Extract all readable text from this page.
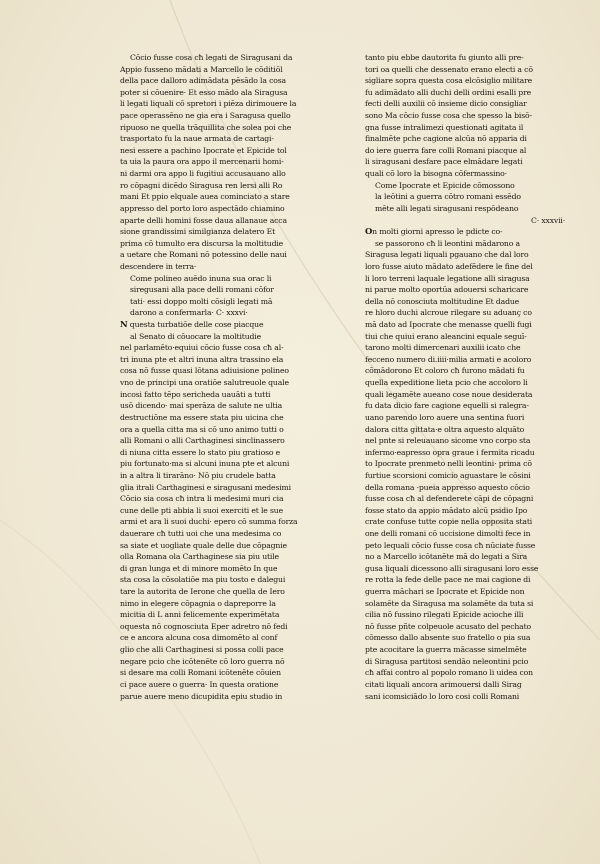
Cōcio fusse cosa cħ legati de Siragusani da
Appio fusseno mādati a Marcello le cōditiōl
della pace dalloro adimādata pēsādo la cosa
poter si cōuenire· Et esso mādo ala Siragusa
li legati liquali cō spretori i piēza dirimouere la
pace operassēno ne gia era i Saragusa quello
ripuoso ne quella trāquillita che solea poi che
trasportato fu la naue armata de cartagi-
nesi essere a pachino Ipocrate et Epicide tol
ta uia la paura ora appo il mercenarii homi-
ni darmi ora appo li fugitiui accusauano allo
ro cōpagni dicēdo Siragusa ren lersi alli Ro
mani Et ppio elquale auea cominciato a stare
appresso del porto loro aspectādo chiamino
aparte delli homini fosse daua allanaue acca
sione grandissimi similgianza delatero Et
prima cō tumulto era discursa la moltitudie
a uetare che Romani nō potessino delle naui
descendere in terra·
Come polineo auēdo inuna sua orac li
siregusani alla pace delli romani cōfor
tati· essi doppo molti cōsigli legati mā
darono a confermarla· C· xxxvi·
N questa turbatiōe delle cose piacque
al Senato di cōuocare la moltitudie
nel parlamēto·equiui cōcio fusse cosa cħ al-
tri inuna pte et altri inuna altra trassino ela
cosa nō fusse quasi lōtana adiuisione polineo
vno de principi una oratiōe salutreuole quale
incosi fatto tēpo sericheda uauāti a tutti
usō dicendo· mai sperāza de salute ne ultia
destructiōne ma essere stata piu uicina che
ora a quella citta ma si cō uno animo tutti o
alli Romani o alli Carthaginesi sinclinassero
di niuna citta essere lo stato piu gratioso e
piu fortunato·ma si alcuni inuna pte et alcuni
in a altra li tirarāno· Nō piu crudele batta
glia itrali Carthaginesi e siragusani medesimi
Cōcio sia cosa cħ intra li medesimi muri cia
cune delle pti abbia li suoi exerciti et le sue
armi et ara li suoi duchi· epero cō summa forza
dauerare cħ tutti uoi che una medesima co
sa siate et uogliate quale delle due cōpagnie
olla Romana ola Carthaginese sia piu utile
di gran lunga et di minore momēto In que
sta cosa la cōsolatiōe ma piu tosto e dalegui
tare la autorita de Ierone che quella de Iero
nimo in elegere cōpagnia o dapreporre la
micitia di L anni felicemente experimētata
oquesta nō cognosciuta Eper adretro nō fedi
ce e ancora alcuna cosa dimomēto al conf
glio che alli Carthaginesi si possa colli pace
negare pcio che icōtenēte cō loro guerra nō
si desare ma colli Romani icōtenēte cōuien
ci pace auere o guerra· In questa oratione
parue auere meno dicupidita epiu studio in
tanto piu ebbe dautorita fu giunto alli pre-
tori oa quelli che dessenato erano electi a cō
sigliare sopra questa cosa elcōsiglio militare
fu adimādato alli duchi delli ordini esalli pre
fecti delli auxilii cō insieme dicio consigliar
sono Ma cōcio fusse cosa che spesso la bisō-
gna fusse intralimezi questionati agitata il
finalmēte pche cagione alcūa nō apparia di
do iere guerra fare colli Romani piacque al
li siragusani desfare pace elmādare legati
quali cō loro la bisogna cōfermassino·
Come Ipocrate et Epicide cōmossono
la leōtini a guerra cōtro romani essēdo
mēte alli legati siragusani respōdeano
C· xxxvii·
On molti giorni apresso le pdicte co-
se passorono cħ li leontini mādarono a
Siragusa legati liquali pgauano che dal loro
loro fusse aiuto mādato adefēdere le fine del
li loro terreni laquale legatione alli siragusa
ni parue molto oportūa adouersi scharicare
della nō conosciuta moltitudine Et dadue
re hloro duchi alcroue rilegare su aduanç co
mā dato ad Ipocrate che menasse quelli fugi
tiui che quiui erano aleancini equale seguī-
tarono molti dimercenari auxilii icato che
fecceno numero di.iiii·milia armati e acoloro
cōmādorono Et coloro cħ furono mādati fu
quella expeditione lieta pcio che accoloro li
quali legamēte aueano cose noue desiderata
fu data dicio fare cagione equelli si ralegra-
uano parendo loro auere una sentina fuori
dalora citta gittata·e oltra aquesto alquāto
nel pnte si releuauano sicome vno corpo sta
infermo·eapresso opra graue i fermita ricadu
to Ipocrate prenmeto nelli leontini· prima cō
furtiue scorsioni comicio aguastare le cōsini
della romana ·pueia appresso aquesto cōcio
fusse cosa cħ al defenderete cāpi de cōpagni
fosse stato da appio mādato alcū psidio Ipo
crate confuse tutte copie nella opposita stati
one delli romani cō uccisione dimolti fece in
peto lequali cōcio fusse cosa cħ nūciate fusse
no a Marcello icōtanēte mā do legati a Sira
gusa liquali dicessono alli siragusani loro esse
re rotta la fede delle pace ne mai cagione di
guerra māchari se Ipocrate et Epicide non
solamēte da Siragusa ma solamēte da tuta si
cilia nō fussino rilegati Epicide acioche illi
nō fusse pñte colpeuole acusato del pechato
cōmesso dallo absente suo fratello o pia sua
pte acocitare la guerra mācasse simelmēte
di Siragusa partitosi sendāo neleontini pcio
cħ affai contro al popolo romano li uidea con
citati liquali ancora arimouersi dalli Sirag
sani icomsiciādo lo loro cosi colli Romani
